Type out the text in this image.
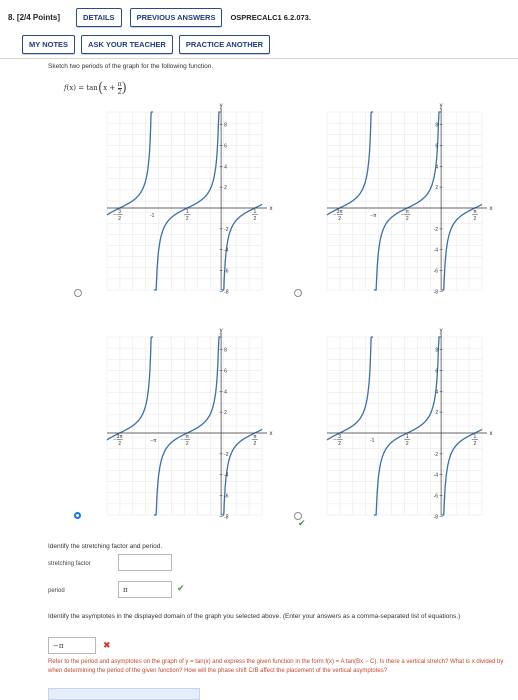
8. [2/4 Points]	DETAILS	PREVIOUS ANSWERS	OSPRECALC1 6.2.073.
MY NOTES	ASK YOUR TEACHER	PRACTICE ANOTHER
Sketch two periods of the graph for the following function.
$f(x) = \tan(x + \frac{\pi}{2}$ )
y
x
8
6
4
2
-2
-4
-6
-8
− 3
2	-1
1
2
1
2
y
x
8
6
4
2
-2
-4
-6
-8
− 3π
2	−π	− π
2
π
2
y
x
8
6
4
2
-2
-4
-6
-8
− 3π
2	−π	− π
2
π
2
y
x
8
6
4
2
-2
-4
-6
-8
− 3
2	-1
1
2
1
2
✔
Identify the stretching factor and period.
stretching factor
period	π	✔
Identify the asymptotes in the displayed domain of the graph you selected above. (Enter your answers as a comma-separated list of equations.)
−π	✖
Refer to the period and asymptotes on the graph of y = tan(x) and express the given function in the form f(x) = A tan(Bx − C). Is there a vertical stretch? What is x divided by when determining the period of the given function? How will the phase shift C/B affect the placement of the vertical asymptotes?
